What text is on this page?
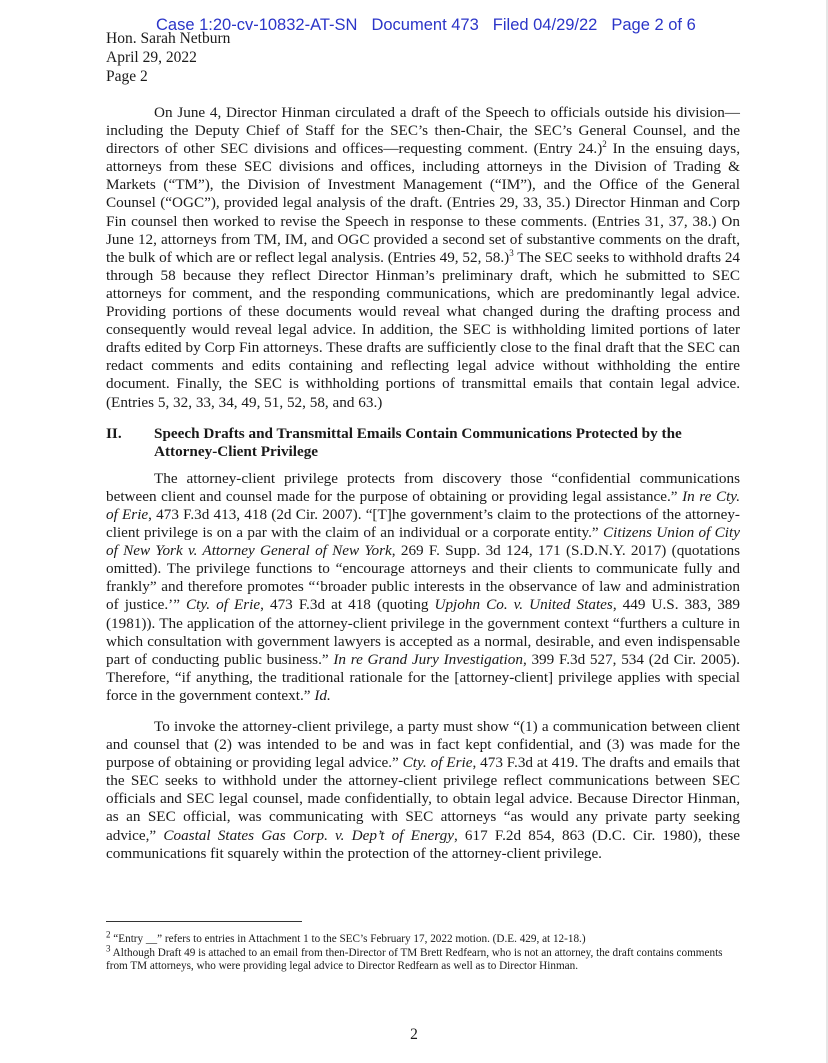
Case 1:20-cv-10832-AT-SN Document 473 Filed 04/29/22 Page 2 of 6
Hon. Sarah Netburn
April 29, 2022
Page 2

On June 4, Director Hinman circulated a draft of the Speech to officials outside his division—including the Deputy Chief of Staff for the SEC’s then-Chair, the SEC’s General Counsel, and the directors of other SEC divisions and offices—requesting comment. (Entry 24.)$^2$ In the ensuing days, attorneys from these SEC divisions and offices, including attorneys in the Division of Trading & Markets (“TM”), the Division of Investment Management (“IM”), and the Office of the General Counsel (“OGC”), provided legal analysis of the draft. (Entries 29, 33, 35.) Director Hinman and Corp Fin counsel then worked to revise the Speech in response to these comments. (Entries 31, 37, 38.) On June 12, attorneys from TM, IM, and OGC provided a second set of substantive comments on the draft, the bulk of which are or reflect legal analysis. (Entries 49, 52, 58.)$^3$ The SEC seeks to withhold drafts 24 through 58 because they reflect Director Hinman’s preliminary draft, which he submitted to SEC attorneys for comment, and the responding communications, which are predominantly legal advice. Providing portions of these documents would reveal what changed during the drafting process and consequently would reveal legal advice. In addition, the SEC is withholding limited portions of later drafts edited by Corp Fin attorneys. These drafts are sufficiently close to the final draft that the SEC can redact comments and edits containing and reflecting legal advice without withholding the entire document. Finally, the SEC is withholding portions of transmittal emails that contain legal advice. (Entries 5, 32, 33, 34, 49, 51, 52, 58, and 63.)

II.	Speech Drafts and Transmittal Emails Contain Communications Protected by the Attorney-Client Privilege

The attorney-client privilege protects from discovery those “confidential communications between client and counsel made for the purpose of obtaining or providing legal assistance.” In re Cty. of Erie, 473 F.3d 413, 418 (2d Cir. 2007). “[T]he government’s claim to the protections of the attorney-client privilege is on a par with the claim of an individual or a corporate entity.” Citizens Union of City of New York v. Attorney General of New York, 269 F. Supp. 3d 124, 171 (S.D.N.Y. 2017) (quotations omitted). The privilege functions to “encourage attorneys and their clients to communicate fully and frankly” and therefore promotes “‘broader public interests in the observance of law and administration of justice.’” Cty. of Erie, 473 F.3d at 418 (quoting Upjohn Co. v. United States, 449 U.S. 383, 389 (1981)). The application of the attorney-client privilege in the government context “furthers a culture in which consultation with government lawyers is accepted as a normal, desirable, and even indispensable part of conducting public business.” In re Grand Jury Investigation, 399 F.3d 527, 534 (2d Cir. 2005). Therefore, “if anything, the traditional rationale for the [attorney-client] privilege applies with special force in the government context.” Id.

To invoke the attorney-client privilege, a party must show “(1) a communication between client and counsel that (2) was intended to be and was in fact kept confidential, and (3) was made for the purpose of obtaining or providing legal advice.” Cty. of Erie, 473 F.3d at 419. The drafts and emails that the SEC seeks to withhold under the attorney-client privilege reflect communications between SEC officials and SEC legal counsel, made confidentially, to obtain legal advice. Because Director Hinman, as an SEC official, was communicating with SEC attorneys “as would any private party seeking advice,” Coastal States Gas Corp. v. Dep’t of Energy, 617 F.2d 854, 863 (D.C. Cir. 1980), these communications fit squarely within the protection of the attorney-client privilege.

$^2$ “Entry __” refers to entries in Attachment 1 to the SEC’s February 17, 2022 motion. (D.E. 429, at 12-18.)

$^3$ Although Draft 49 is attached to an email from then-Director of TM Brett Redfearn, who is not an attorney, the draft contains comments from TM attorneys, who were providing legal advice to Director Redfearn as well as to Director Hinman.

2
